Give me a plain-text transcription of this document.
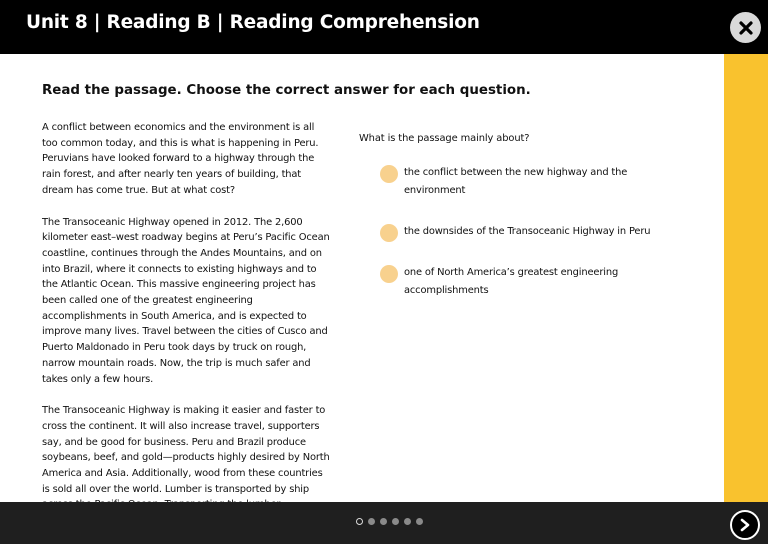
Unit 8 | Reading B | Reading Comprehension
Read the passage. Choose the correct answer for each question.

A conflict between economics and the environment is all too common today, and this is what is happening in Peru. Peruvians have looked forward to a highway through the rain forest, and after nearly ten years of building, that dream has come true. But at what cost?

The Transoceanic Highway opened in 2012. The 2,600 kilometer east–west roadway begins at Peru’s Pacific Ocean coastline, continues through the Andes Mountains, and on into Brazil, where it connects to existing highways and to the Atlantic Ocean. This massive engineering project has been called one of the greatest engineering accomplishments in South America, and is expected to improve many lives. Travel between the cities of Cusco and Puerto Maldonado in Peru took days by truck on rough, narrow mountain roads. Now, the trip is much safer and takes only a few hours.

The Transoceanic Highway is making it easier and faster to cross the continent. It will also increase travel, supporters say, and be good for business. Peru and Brazil produce soybeans, beef, and gold—products highly desired by North America and Asia. Additionally, wood from these countries is sold all over the world. Lumber is transported by ship

What is the passage mainly about?
the conflict between the new highway and the environment
the downsides of the Transoceanic Highway in Peru
one of North America’s greatest engineering accomplishments
